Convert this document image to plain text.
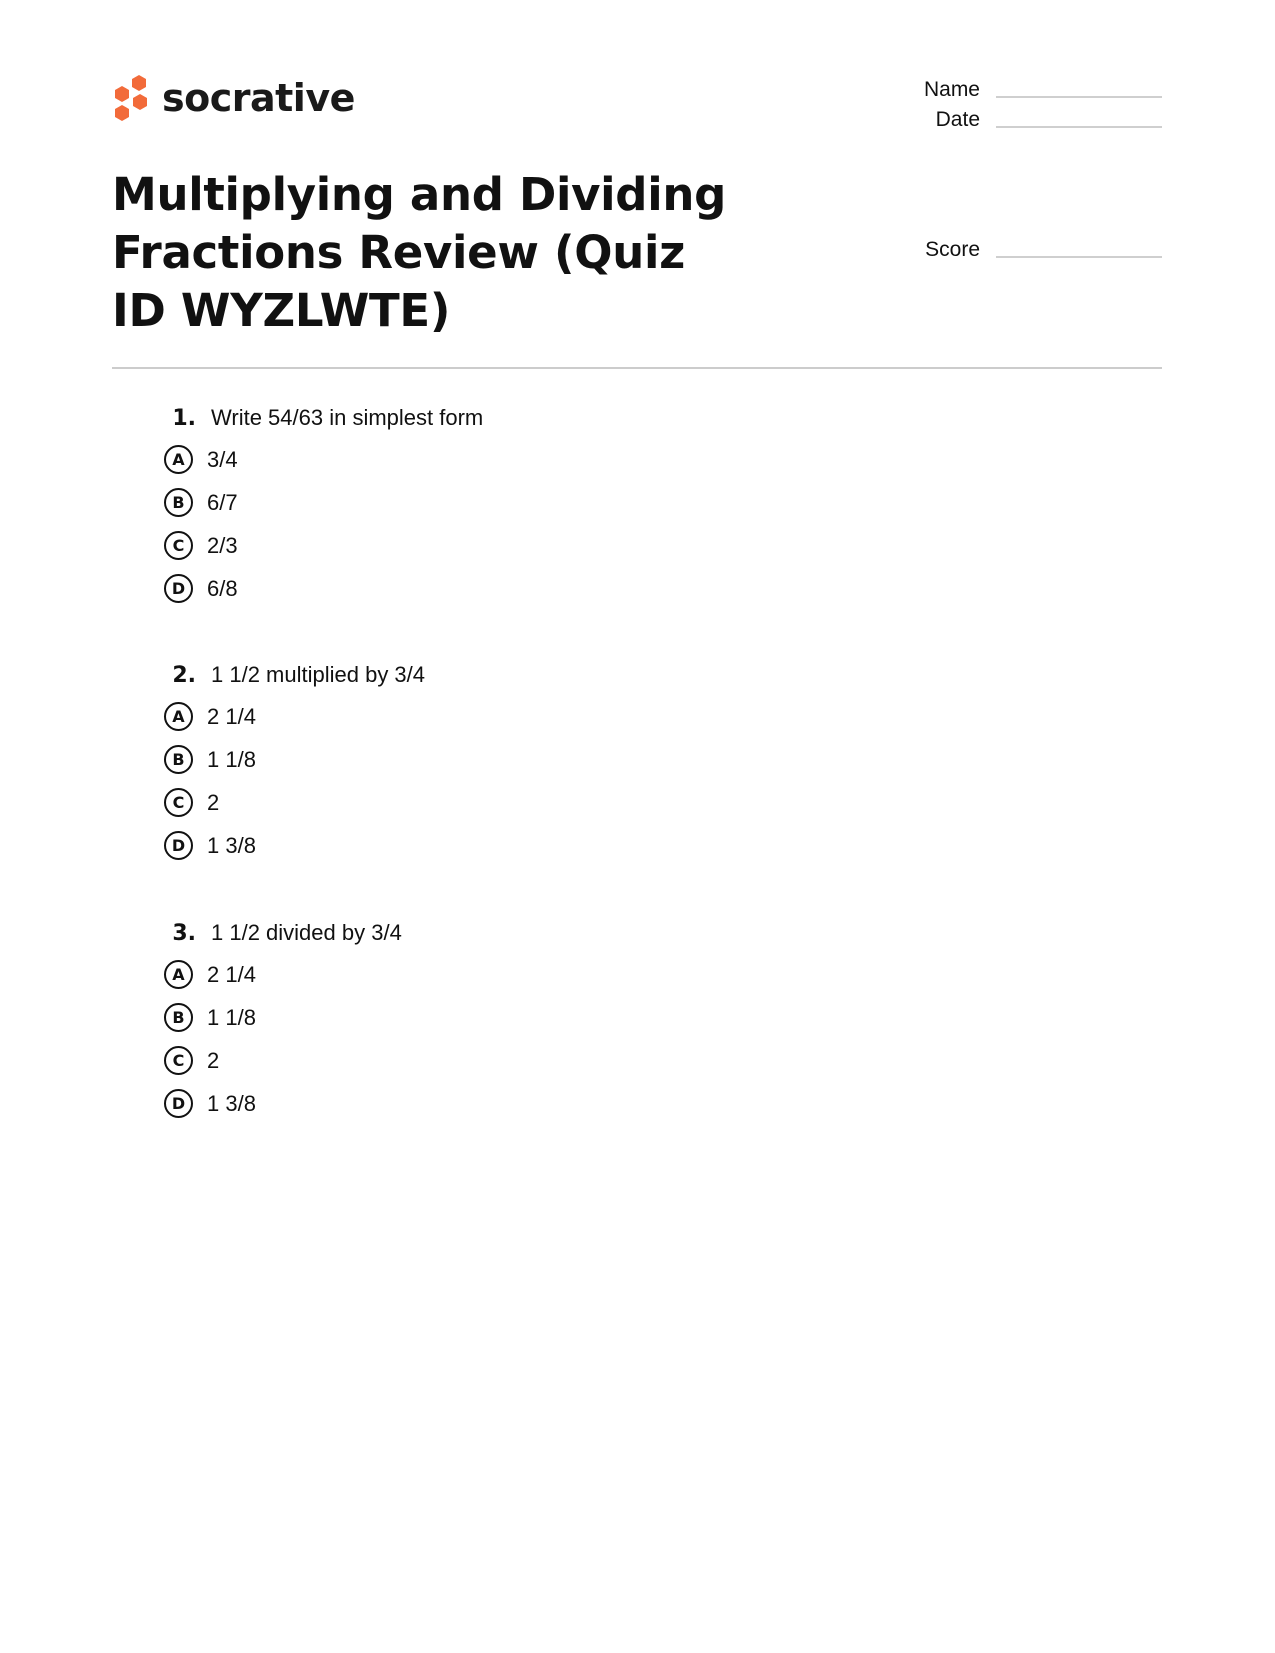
socrative	Name
Date
Score
Multiplying and Dividing Fractions Review (Quiz ID WYZLWTE)
1. Write 54/63 in simplest form
A	3/4
B	6/7
C	2/3
D 6/8
2. 1 1/2 multiplied by 3/4
A	2 1/4
B	1 1/8
C	2
D 1 3/8
3. 1 1/2 divided by 3/4
A	2 1/4
B	1 1/8
C	2
D 1 3/8
